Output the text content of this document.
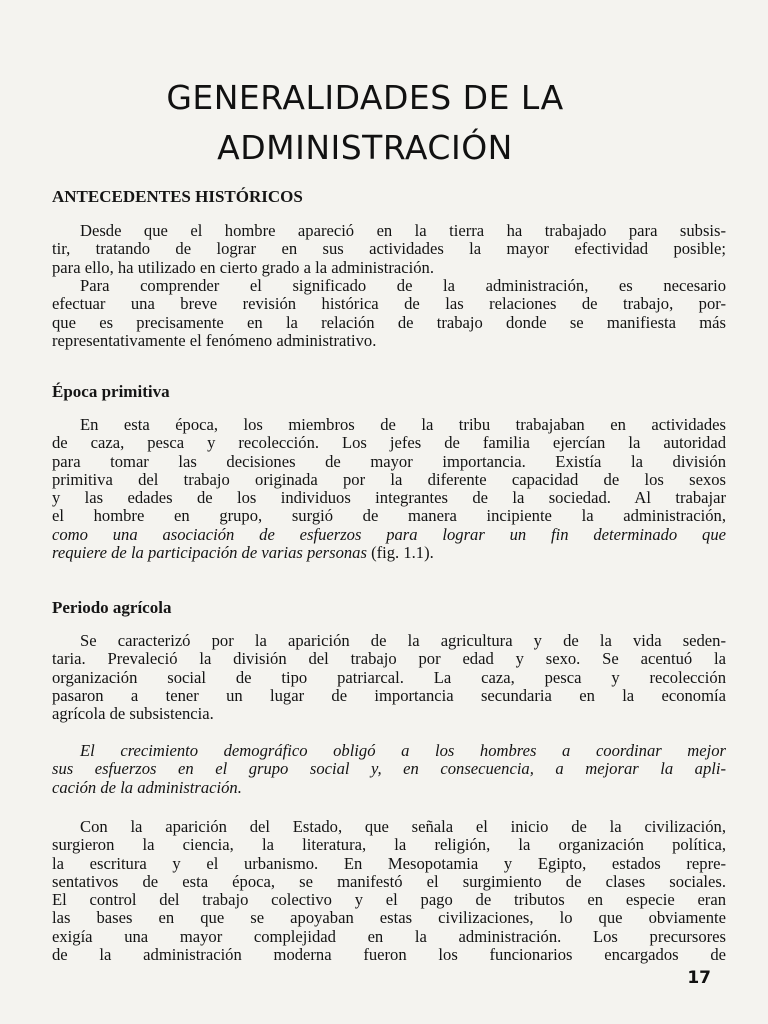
GENERALIDADES DE LA
ADMINISTRACIÓN
ANTECEDENTES HISTÓRICOS
Desde que el hombre apareció en la tierra ha trabajado para subsis-
tir, tratando de lograr en sus actividades la mayor efectividad posible;
para ello, ha utilizado en cierto grado a la administración.
Para comprender el significado de la administración, es necesario
efectuar una breve revisión histórica de las relaciones de trabajo, por-
que es precisamente en la relación de trabajo donde se manifiesta más
representativamente el fenómeno administrativo.
Época primitiva
En esta época, los miembros de la tribu trabajaban en actividades
de caza, pesca y recolección. Los jefes de familia ejercían la autoridad
para tomar las decisiones de mayor importancia. Existía la división
primitiva del trabajo originada por la diferente capacidad de los sexos
y las edades de los individuos integrantes de la sociedad. Al trabajar
el hombre en grupo, surgió de manera incipiente la administración,
como una asociación de esfuerzos para lograr un fin determinado que
requiere de la participación de varias personas (fig. 1.1).
Periodo agrícola
Se caracterizó por la aparición de la agricultura y de la vida seden-
taria. Prevaleció la división del trabajo por edad y sexo. Se acentuó la
organización social de tipo patriarcal. La caza, pesca y recolección
pasaron a tener un lugar de importancia secundaria en la economía
agrícola de subsistencia.
El crecimiento demográfico obligó a los hombres a coordinar mejor
sus esfuerzos en el grupo social y, en consecuencia, a mejorar la apli-
cación de la administración.
Con la aparición del Estado, que señala el inicio de la civilización,
surgieron la ciencia, la literatura, la religión, la organización política,
la escritura y el urbanismo. En Mesopotamia y Egipto, estados repre-
sentativos de esta época, se manifestó el surgimiento de clases sociales.
El control del trabajo colectivo y el pago de tributos en especie eran
las bases en que se apoyaban estas civilizaciones, lo que obviamente
exigía una mayor complejidad en la administración. Los precursores
de la administración moderna fueron los funcionarios encargados de
17
